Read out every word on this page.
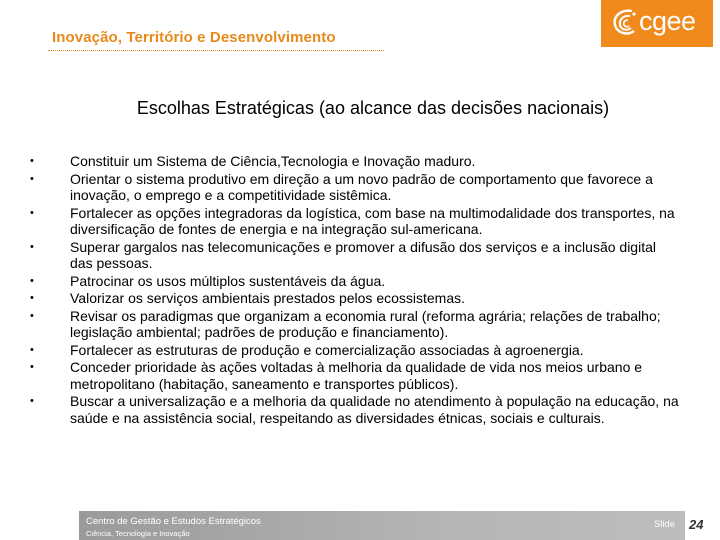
Inovação, Território e Desenvolvimento
cgee
Escolhas Estratégicas (ao alcance das decisões nacionais)
•	Constituir um Sistema de Ciência,Tecnologia e Inovação maduro.
•	Orientar o sistema produtivo em direção a um novo padrão de comportamento que favorece a inovação, o emprego e a competitividade sistêmica.
•	Fortalecer as opções integradoras da logística, com base na multimodalidade dos transportes, na diversificação de fontes de energia e na integração sul-americana.
•	Superar gargalos nas telecomunicações e promover a difusão dos serviços e a inclusão digital das pessoas.
•	Patrocinar os usos múltiplos sustentáveis da água.
•	Valorizar os serviços ambientais prestados pelos ecossistemas.
•	Revisar os paradigmas que organizam a economia rural (reforma agrária; relações de trabalho; legislação ambiental; padrões de produção e financiamento).
•	Fortalecer as estruturas de produção e comercialização associadas à agroenergia.
•	Conceder prioridade às ações voltadas à melhoria da qualidade de vida nos meios urbano e metropolitano (habitação, saneamento e transportes públicos).
•	Buscar a universalização e a melhoria da qualidade no atendimento à população na educação, na saúde e na assistência social, respeitando as diversidades étnicas, sociais e culturais.
Centro de Gestão e Estudos Estratégicos
Ciência, Tecnologia e Inovação
Slide 24
